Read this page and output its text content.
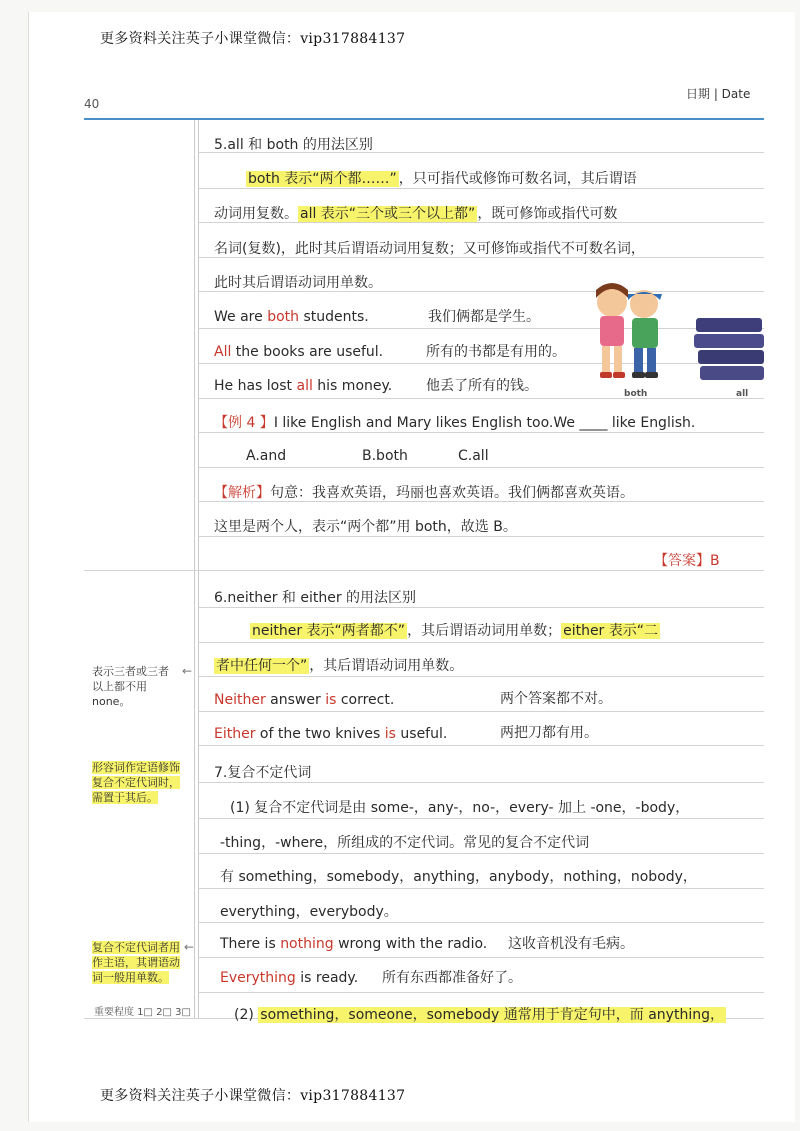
更多资料关注英子小课堂微信：vip317884137
更多资料关注英子小课堂微信：vip317884137
40
日期 | Date
5.all 和 both 的用法区别
both 表示“两个都……” ，只可指代或修饰可数名词，其后谓语
动词用复数。 all 表示“三个或三个以上都” ，既可修饰或指代可数
名词(复数)，此时其后谓语动词用复数；又可修饰或指代不可数名词，
此时其后谓语动词用单数。
We are both students.	我们俩都是学生。
All the books are useful.	所有的书都是有用的。
He has lost all his money. 他丢了所有的钱。
【例 4 】I like English and Mary likes English too.We ____ like English.
A.and	B.both	C.all
【解析】句意：我喜欢英语，玛丽也喜欢英语。我们俩都喜欢英语。
这里是两个人，表示“两个都”用 both，故选 B。
【答案】B
both	all
6.neither 和 either 的用法区别
neither 表示“两者都不” ，其后谓语动词用单数； either 表示“二
者中任何一个” ，其后谓语动词用单数。
Neither answer is correct.	两个答案都不对。
Either of the two knives is useful.	两把刀都有用。
7.复合不定代词
(1) 复合不定代词是由 some-，any-，no-，every- 加上 -one，-body，
-thing，-where，所组成的不定代词。常见的复合不定代词
有 something，somebody，anything，anybody，nothing，nobody，
everything，everybody。
There is nothing wrong with the radio. 这收音机没有毛病。
Everything is ready. 所有东西都准备好了。
(2) something，someone，somebody 通常用于肯定句中，而 anything，
表示三者或三者以上都不用 none。
←
形容词作定语修饰复合不定代词时，需置于其后。
复合不定代词者用作主语，其谓语动词一般用单数。
←
重要程度 1□ 2□ 3□
